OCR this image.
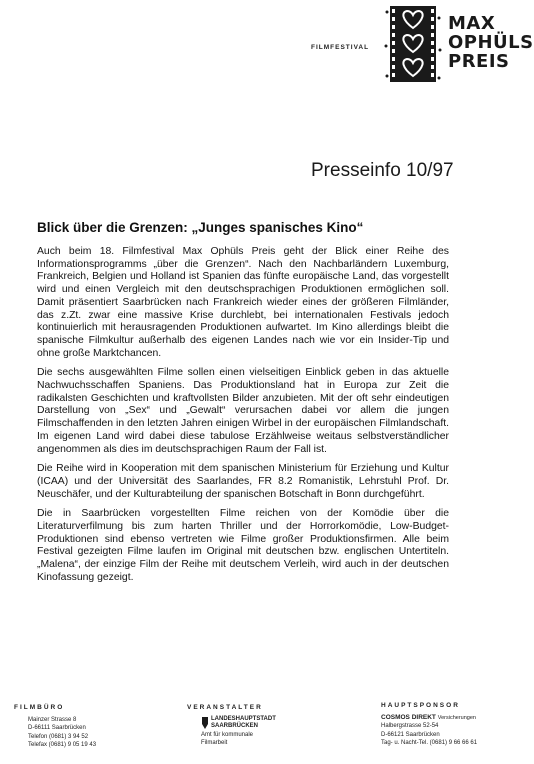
FILMFESTIVAL
MAX
OPHÜLS
PREIS
Presseinfo 10/97
Blick über die Grenzen: „Junges spanisches Kino“

Auch beim 18. Filmfestival Max Ophüls Preis geht der Blick einer Reihe des Informationsprogramms „über die Grenzen“. Nach den Nachbarländern Luxemburg, Frankreich, Belgien und Holland ist Spanien das fünfte europäische Land, das vorgestellt wird und einen Vergleich mit den deutschsprachigen Produktionen ermöglichen soll. Damit präsentiert Saarbrücken nach Frankreich wieder eines der größeren Filmländer, das z.Zt. zwar eine massive Krise durchlebt, bei internationalen Festivals jedoch kontinuierlich mit herausragenden Produktionen aufwartet. Im Kino allerdings bleibt die spanische Filmkultur außerhalb des eigenen Landes nach wie vor ein Insider-Tip und ohne große Marktchancen.

Die sechs ausgewählten Filme sollen einen vielseitigen Einblick geben in das aktuelle Nachwuchsschaffen Spaniens. Das Produktionsland hat in Europa zur Zeit die radikalsten Geschichten und kraftvollsten Bilder anzubieten. Mit der oft sehr eindeutigen Darstellung von „Sex“ und „Gewalt“ verursachen dabei vor allem die jungen Filmschaffenden in den letzten Jahren einigen Wirbel in der europäischen Filmlandschaft. Im eigenen Land wird dabei diese tabulose Erzählweise weitaus selbstverständlicher angenommen als dies im deutschsprachigen Raum der Fall ist.

Die Reihe wird in Kooperation mit dem spanischen Ministerium für Erziehung und Kultur (ICAA) und der Universität des Saarlandes, FR 8.2 Romanistik, Lehrstuhl Prof. Dr. Neuschäfer, und der Kulturabteilung der spanischen Botschaft in Bonn durchgeführt.

Die in Saarbrücken vorgestellten Filme reichen von der Komödie über die Literaturverfilmung bis zum harten Thriller und der Horrorkomödie, Low-Budget-Produktionen sind ebenso vertreten wie Filme großer Produktionsfirmen. Alle beim Festival gezeigten Filme laufen im Original mit deutschen bzw. englischen Untertiteln. „Malena“, der einzige Film der Reihe mit deutschem Verleih, wird auch in der deutschen Kinofassung gezeigt.

FILMBÜRO
Mainzer Strasse 8
D-66111 Saarbrücken
Telefon (0681) 3 94 52
Telefax (0681) 9 05 19 43
VERANSTALTER
LANDESHAUPTSTADT
SAARBRÜCKEN
Amt für kommunale
Filmarbeit
HAUPTSPONSOR
COSMOS DIREKT Versicherungen
Halbergstrasse 52-54
D-66121 Saarbrücken
Tag- u. Nacht-Tel. (0681) 9 66 66 61
